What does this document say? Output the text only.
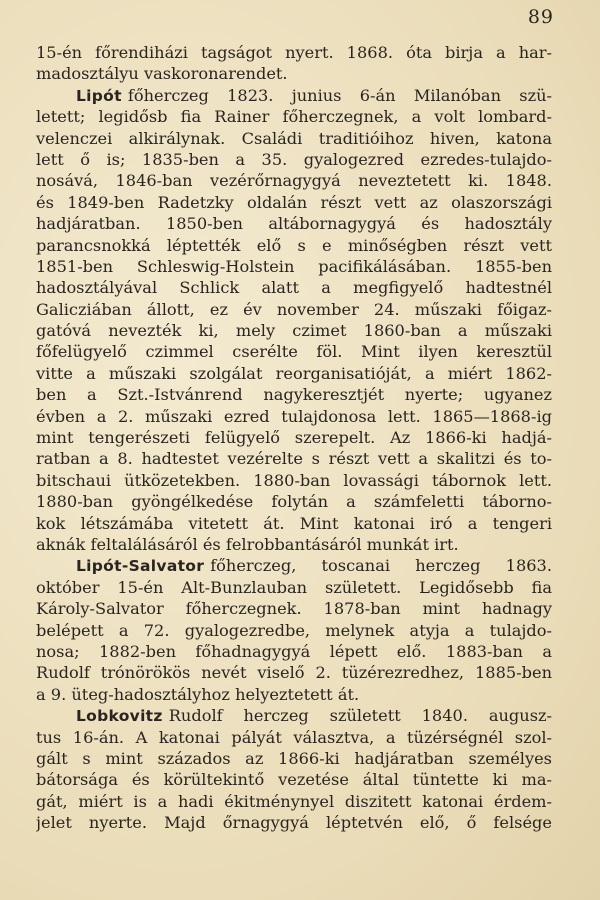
89
15-én főrendiházi tagságot nyert. 1868. óta birja a har-
madosztályu vaskoronarendet.
Lipót főherczeg 1823. junius 6-án Milanóban szü-
letett; legidősb fia Rainer főherczegnek, a volt lombard-
velenczei alkirálynak. Családi traditióihoz hiven, katona
lett ő is; 1835-ben a 35. gyalogezred ezredes-tulajdo-
nosává, 1846-ban vezérőrnagygyá neveztetett ki. 1848.
és 1849-ben Radetzky oldalán részt vett az olaszországi
hadjáratban. 1850-ben altábornagygyá és hadosztály
parancsnokká léptették elő s e minőségben részt vett
1851-ben Schleswig-Holstein pacifikálásában. 1855-ben
hadosztályával Schlick alatt a megfigyelő hadtestnél
Galicziában állott, ez év november 24. műszaki főigaz-
gatóvá nevezték ki, mely czimet 1860-ban a műszaki
főfelügyelő czimmel cserélte föl. Mint ilyen keresztül
vitte a műszaki szolgálat reorganisatióját, a miért 1862-
ben a Szt.-Istvánrend nagykeresztjét nyerte; ugyanez
évben a 2. műszaki ezred tulajdonosa lett. 1865—1868-ig
mint tengerészeti felügyelő szerepelt. Az 1866-ki hadjá-
ratban a 8. hadtestet vezérelte s részt vett a skalitzi és to-
bitschaui ütközetekben. 1880-ban lovassági tábornok lett.
1880-ban gyöngélkedése folytán a számfeletti táborno-
kok létszámába vitetett át. Mint katonai iró a tengeri
aknák feltalálásáról és felrobbantásáról munkát irt.
Lipót-Salvator főherczeg, toscanai herczeg 1863.
október 15-én Alt-Bunzlauban született. Legidősebb fia
Károly-Salvator főherczegnek. 1878-ban mint hadnagy
belépett a 72. gyalogezredbe, melynek atyja a tulajdo-
nosa; 1882-ben főhadnagygyá lépett elő. 1883-ban a
Rudolf trónörökös nevét viselő 2. tüzérezredhez, 1885-ben
a 9. üteg-hadosztályhoz helyeztetett át.
Lobkovitz Rudolf herczeg született 1840. augusz-
tus 16-án. A katonai pályát választva, a tüzérségnél szol-
gált s mint százados az 1866-ki hadjáratban személyes
bátorsága és körültekintő vezetése által tüntette ki ma-
gát, miért is a hadi ékitménynyel diszitett katonai érdem-
jelet nyerte. Majd őrnagygyá léptetvén elő, ő felsége
